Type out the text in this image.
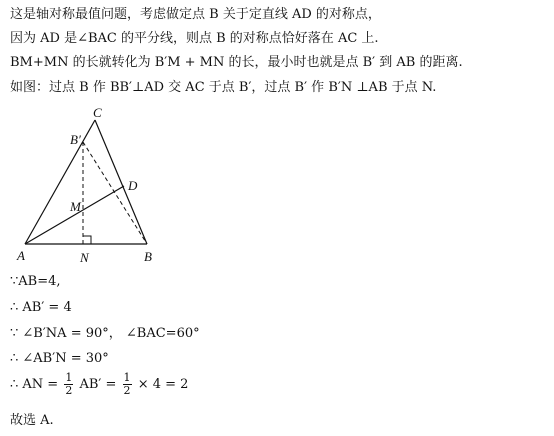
这是轴对称最值问题，考虑做定点 B 关于定直线 AD 的对称点，
因为 AD 是∠BAC 的平分线，则点 B 的对称点恰好落在 AC 上.
BM+MN 的长就转化为 B′M + MN 的长，最小时也就是点 B′ 到 AB 的距离.
如图：过点 B 作 BB′⊥AD 交 AC 于点 B′，过点 B′ 作 B′N ⊥AB 于点 N.
C
B′
D
M
A	N	B
∵AB=4,
∴ AB′ = 4
∵ ∠B′NA = 90°， ∠BAC=60°
∴ ∠AB′N = 30°
∴ AN = $\frac{1}{2} AB' = \frac{1}{2} \times 4 = 2$
故选 A.
